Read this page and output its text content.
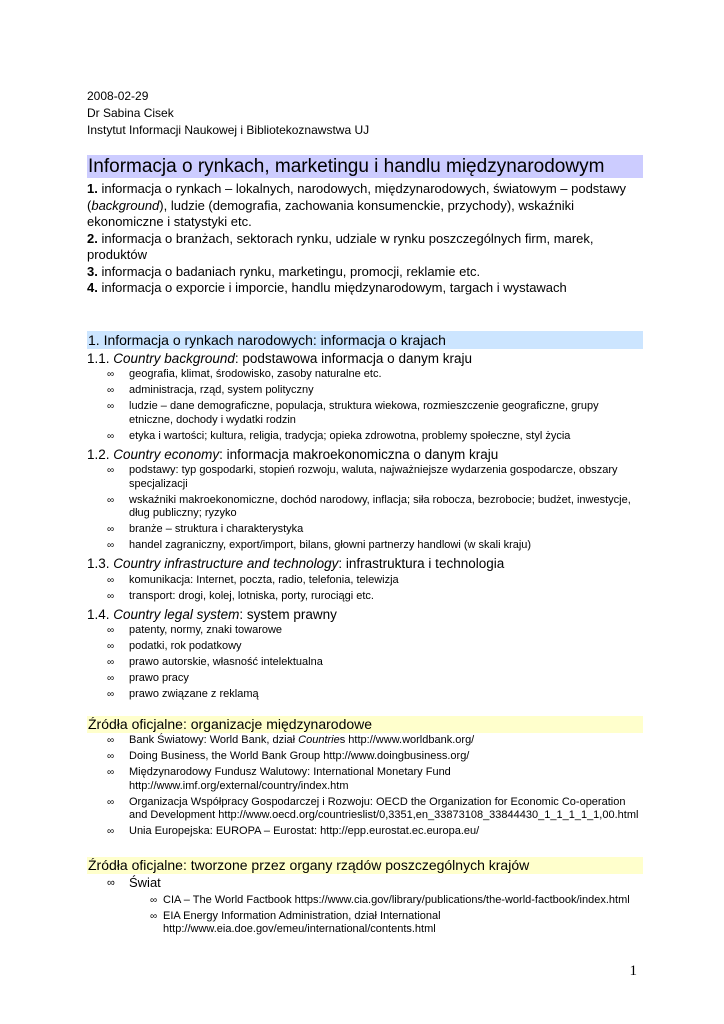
2008-02-29
Dr Sabina Cisek
Instytut Informacji Naukowej i Bibliotekoznawstwa UJ
Informacja o rynkach, marketingu i handlu międzynarodowym

1. informacja o rynkach – lokalnych, narodowych, międzynarodowych, światowym – podstawy (background), ludzie (demografia, zachowania konsumenckie, przychody), wskaźniki ekonomiczne i statystyki etc.

2. informacja o branżach, sektorach rynku, udziale w rynku poszczególnych firm, marek, produktów

3. informacja o badaniach rynku, marketingu, promocji, reklamie etc.

4. informacja o exporcie i imporcie, handlu międzynarodowym, targach i wystawach

1. Informacja o rynkach narodowych: informacja o krajach
1.1. Country background: podstawowa informacja o danym kraju
∞ geografia, klimat, środowisko, zasoby naturalne etc.
∞ administracja, rząd, system polityczny
∞ ludzie – dane demograficzne, populacja, struktura wiekowa, rozmieszczenie geograficzne, grupy etniczne, dochody i wydatki rodzin
∞ etyka i wartości; kultura, religia, tradycja; opieka zdrowotna, problemy społeczne, styl życia
1.2. Country economy: informacja makroekonomiczna o danym kraju
∞ podstawy: typ gospodarki, stopień rozwoju, waluta, najważniejsze wydarzenia gospodarcze, obszary specjalizacji
∞ wskaźniki makroekonomiczne, dochód narodowy, inflacja; siła robocza, bezrobocie; budżet, inwestycje, dług publiczny; ryzyko
∞ branże – struktura i charakterystyka
∞ handel zagraniczny, export/import, bilans, głowni partnerzy handlowi (w skali kraju)
1.3. Country infrastructure and technology: infrastruktura i technologia
∞ komunikacja: Internet, poczta, radio, telefonia, telewizja
∞ transport: drogi, kolej, lotniska, porty, rurociągi etc.
1.4. Country legal system: system prawny
∞ patenty, normy, znaki towarowe
∞ podatki, rok podatkowy
∞ prawo autorskie, własność intelektualna
∞ prawo pracy
∞ prawo związane z reklamą
Źródła oficjalne: organizacje międzynarodowe
∞ Bank Światowy: World Bank, dział Countries http://www.worldbank.org/
∞ Doing Business, the World Bank Group http://www.doingbusiness.org/
∞ Międzynarodowy Fundusz Walutowy: International Monetary Fund http://www.imf.org/external/country/index.htm
∞ Organizacja Współpracy Gospodarczej i Rozwoju: OECD the Organization for Economic Co-operation and Development http://www.oecd.org/countrieslist/0,3351,en_33873108_33844430_1_1_1_1_1,00.html
∞ Unia Europejska: EUROPA – Eurostat: http://epp.eurostat.ec.europa.eu/
Źródła oficjalne: tworzone przez organy rządów poszczególnych krajów
∞ Świat
∞ CIA – The World Factbook https://www.cia.gov/library/publications/the-world-factbook/index.html
∞ EIA Energy Information Administration, dział International http://www.eia.doe.gov/emeu/international/contents.html
1
